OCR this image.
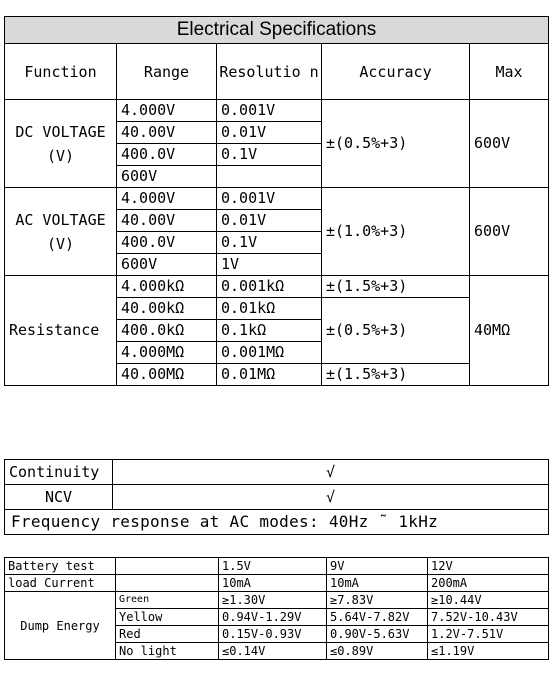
Electrical Specifications				
Function	Range	Resolutio n	Accuracy	Max
DC VOLTAGE (V)	4.000V	0.001V	±(0.5%+3)	600V
	40.00V	0.01V		
	400.0V	0.1V		
	600V			
AC VOLTAGE (V)	4.000V	0.001V	±(1.0%+3)	600V
	40.00V	0.01V		
	400.0V	0.1V		
	600V	1V		
Resistance	4.000kΩ	0.001kΩ	±(1.5%+3)	40MΩ
	40.00kΩ	0.01kΩ	±(0.5%+3)	
	400.0kΩ	0.1kΩ		
	4.000MΩ	0.001MΩ		
	40.00MΩ	0.01MΩ	±(1.5%+3)	
Continuity	√
NCV	√
Frequency response at AC modes: 40Hz ˜ 1kHz	
Battery test		1.5V	9V	12V
load Current		10mA	10mA	200mA
Dump Energy	Green	≥1.30V	≥7.83V	≥10.44V
	Yellow	0.94V-1.29V	5.64V-7.82V	7.52V-10.43V
	Red	0.15V-0.93V	0.90V-5.63V	1.2V-7.51V
	No light	≤0.14V	≤0.89V	≤1.19V
